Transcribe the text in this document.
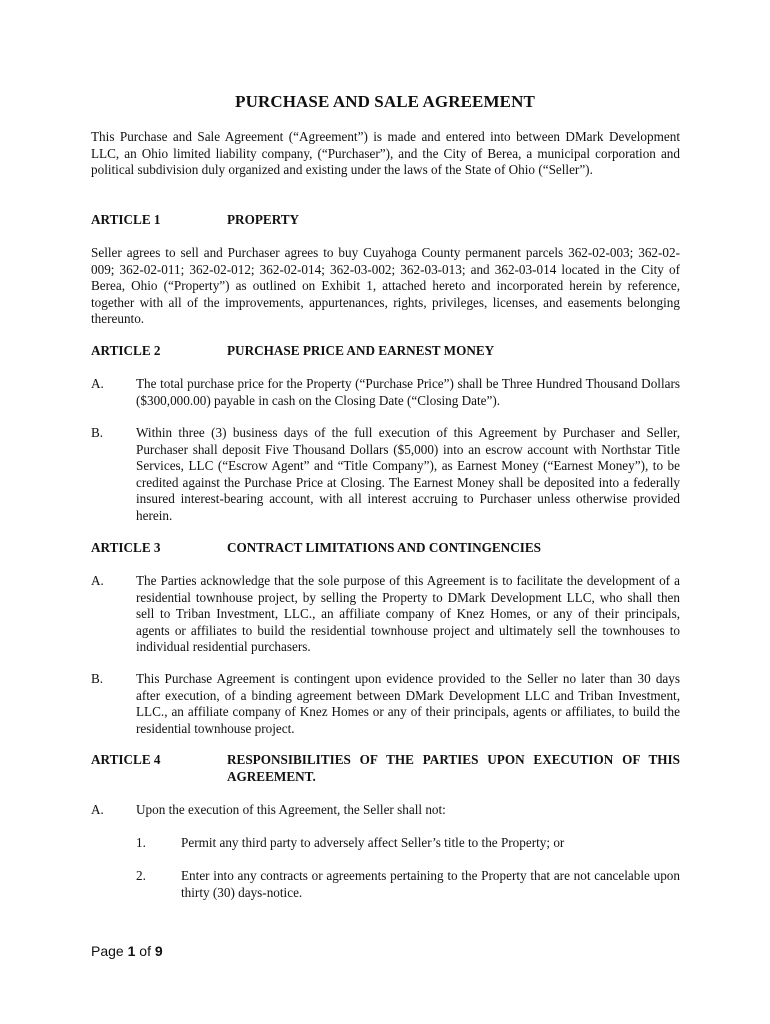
PURCHASE AND SALE AGREEMENT
This Purchase and Sale Agreement (“Agreement”) is made and entered into between DMark Development LLC, an Ohio limited liability company, (“Purchaser”), and the City of Berea, a municipal corporation and political subdivision duly organized and existing under the laws of the State of Ohio (“Seller”).
ARTICLE 1	PROPERTY
Seller agrees to sell and Purchaser agrees to buy Cuyahoga County permanent parcels 362-02-003; 362-02-009; 362-02-011; 362-02-012; 362-02-014; 362-03-002; 362-03-013; and 362-03-014 located in the City of Berea, Ohio (“Property”) as outlined on Exhibit 1, attached hereto and incorporated herein by reference, together with all of the improvements, appurtenances, rights, privileges, licenses, and easements belonging thereunto.
ARTICLE 2	PURCHASE PRICE AND EARNEST MONEY
A. The total purchase price for the Property (“Purchase Price”) shall be Three Hundred Thousand Dollars ($300,000.00) payable in cash on the Closing Date (“Closing Date”).
B. Within three (3) business days of the full execution of this Agreement by Purchaser and Seller, Purchaser shall deposit Five Thousand Dollars ($5,000) into an escrow account with Northstar Title Services, LLC (“Escrow Agent” and “Title Company”), as Earnest Money (“Earnest Money”), to be credited against the Purchase Price at Closing. The Earnest Money shall be deposited into a federally insured interest-bearing account, with all interest accruing to Purchaser unless otherwise provided herein.
ARTICLE 3	CONTRACT LIMITATIONS AND CONTINGENCIES
A. The Parties acknowledge that the sole purpose of this Agreement is to facilitate the development of a residential townhouse project, by selling the Property to DMark Development LLC, who shall then sell to Triban Investment, LLC., an affiliate company of Knez Homes, or any of their principals, agents or affiliates to build the residential townhouse project and ultimately sell the townhouses to individual residential purchasers.
B. This Purchase Agreement is contingent upon evidence provided to the Seller no later than 30 days after execution, of a binding agreement between DMark Development LLC and Triban Investment, LLC., an affiliate company of Knez Homes or any of their principals, agents or affiliates, to build the residential townhouse project.
ARTICLE 4	RESPONSIBILITIES OF THE PARTIES UPON EXECUTION OF THIS AGREEMENT.
A. Upon the execution of this Agreement, the Seller shall not:
1.	Permit any third party to adversely affect Seller’s title to the Property; or
2.	Enter into any contracts or agreements pertaining to the Property that are not cancelable upon thirty (30) days-notice.
Page 1 of 9
